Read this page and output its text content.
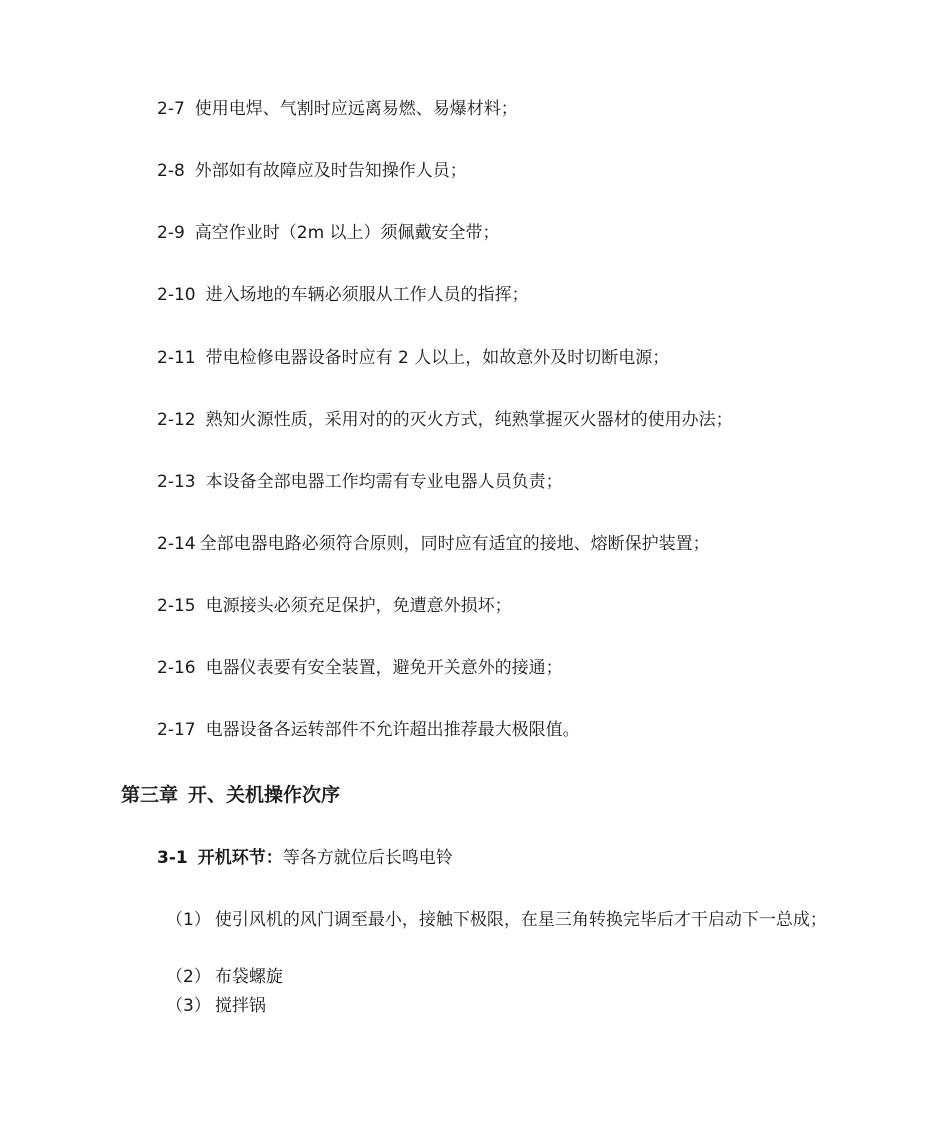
2-7 使用电焊、气割时应远离易燃、易爆材料；
2-8 外部如有故障应及时告知操作人员；
2-9 高空作业时（2m 以上）须佩戴安全带；
2-10 进入场地的车辆必须服从工作人员的指挥；
2-11 带电检修电器设备时应有 2 人以上，如故意外及时切断电源；
2-12 熟知火源性质，采用对的的灭火方式，纯熟掌握灭火器材的使用办法；
2-13 本设备全部电器工作均需有专业电器人员负责；
2-14 全部电器电路必须符合原则，同时应有适宜的接地、熔断保护装置；
2-15 电源接头必须充足保护，免遭意外损坏；
2-16 电器仪表要有安全装置，避免开关意外的接通；
2-17 电器设备各运转部件不允许超出推荐最大极限值。
第三章 开、关机操作次序
3-1 开机环节：等各方就位后长鸣电铃
（1） 使引风机的风门调至最小，接触下极限，在星三角转换完毕后才干启动下一总成；
（2） 布袋螺旋
（3） 搅拌锅
